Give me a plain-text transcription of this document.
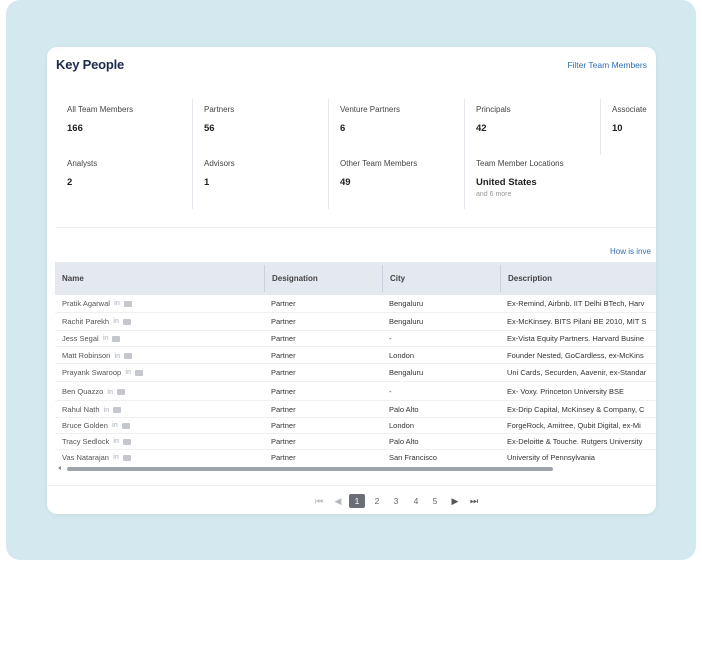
Key People	Filter Team Members
All Team Members
166
Partners
56
Venture Partners
6
Principals
42
Associate
10
Analysts
2
Advisors
1
Other Team Members
49
Team Member Locations
United States
and 6 more
How is inve
Name	Designation	City	Description
Pratik Agarwal in	Partner	Bengaluru	Ex-Remind, Airbnb. IIT Delhi BTech, Harv
Rachit Parekh in	Partner	Bengaluru	Ex-McKinsey. BITS Pilani BE 2010, MIT S
Jess Segal in	Partner	-	Ex-Vista Equity Partners. Harvard Busine
Matt Robinson in	Partner	London	Founder Nested, GoCardless, ex-McKins
Prayank Swaroop in	Partner	Bengaluru	Uni Cards, Securden, Aavenir, ex-Standar
Ben Quazzo in	Partner	-	Ex- Voxy. Princeton University BSE
Rahul Nath in	Partner	Palo Alto	Ex-Drip Capital, McKinsey & Company, C
Bruce Golden in	Partner	London	ForgeRock, Amitree, Qubit Digital, ex-Mi
Tracy Sedlock in	Partner	Palo Alto	Ex-Deloitte & Touche. Rutgers University
Vas Natarajan in	Partner	San Francisco	University of Pennsylvania
⏮ ◀	1	2	3	4	5	▶	⏭
